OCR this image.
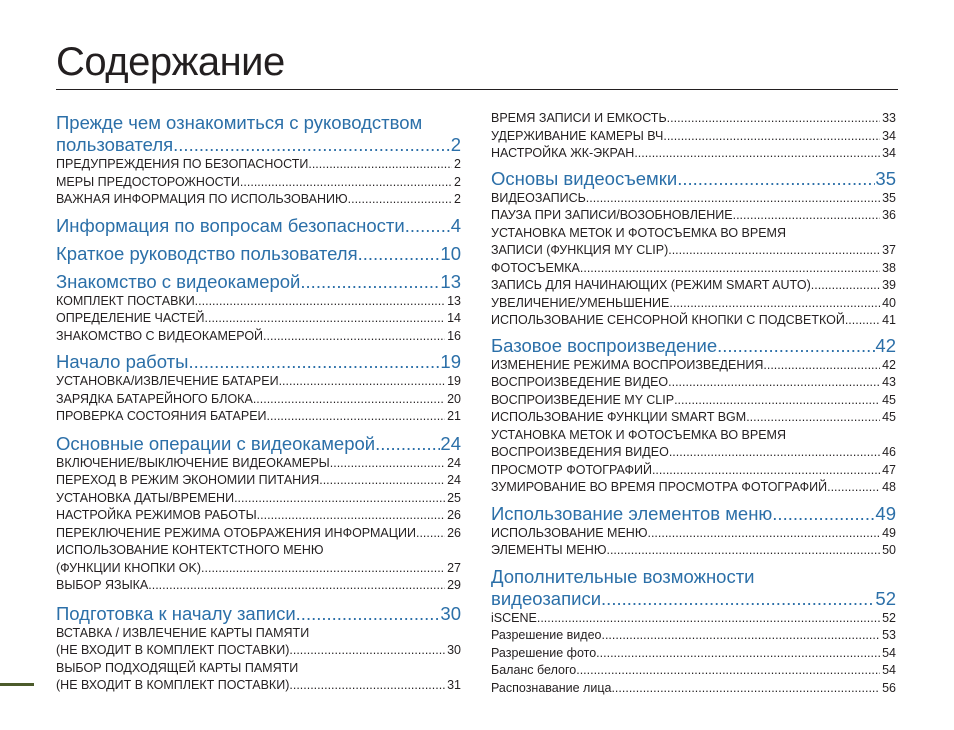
Содержание
Прежде чем ознакомиться с руководством
пользователя .....	2
ПРЕДУПРЕЖДЕНИЯ ПО БЕЗОПАСНОСТИ .....	2
МЕРЫ ПРЕДОСТОРОЖНОСТИ .....	2
ВАЖНАЯ ИНФОРМАЦИЯ ПО ИСПОЛЬЗОВАНИЮ .....	2
Информация по вопросам безопасности ..... 4
Краткое руководство пользователя .....	10
Знакомство с видеокамерой .....	13
КОМПЛЕКТ ПОСТАВКИ .....	13
ОПРЕДЕЛЕНИЕ ЧАСТЕЙ .....	14
ЗНАКОМСТВО С ВИДЕОКАМЕРОЙ .....	16
Начало работы .....	19
УСТАНОВКА/ИЗВЛЕЧЕНИЕ БАТАРЕИ .....	19
ЗАРЯДКА БАТАРЕЙНОГО БЛОКА .....	20
ПРОВЕРКА СОСТОЯНИЯ БАТАРЕИ .....	21
Основные операции с видеокамерой .....	24
ВКЛЮЧЕНИЕ/ВЫКЛЮЧЕНИЕ ВИДЕОКАМЕРЫ .....	24
ПЕРЕХОД В РЕЖИМ ЭКОНОМИИ ПИТАНИЯ .....	24
УСТАНОВКА ДАТЫ/ВРЕМЕНИ .....	25
НАСТРОЙКА РЕЖИМОВ РАБОТЫ .....	26
ПЕРЕКЛЮЧЕНИЕ РЕЖИМА ОТОБРАЖЕНИЯ ИНФОРМАЦИИ ..... 26
ИСПОЛЬЗОВАНИЕ КОНТЕКТСТНОГО МЕНЮ
(ФУНКЦИИ КНОПКИ OK) .....	27
ВЫБОР ЯЗЫКА .....	29
Подготовка к началу записи .....	30
ВСТАВКА / ИЗВЛЕЧЕНИЕ КАРТЫ ПАМЯТИ
(НЕ ВХОДИТ В КОМПЛЕКТ ПОСТАВКИ) .....	30
ВЫБОР ПОДХОДЯЩЕЙ КАРТЫ ПАМЯТИ
(НЕ ВХОДИТ В КОМПЛЕКТ ПОСТАВКИ) .....	31
ВРЕМЯ ЗАПИСИ И ЕМКОСТЬ .....	33
УДЕРЖИВАНИЕ КАМЕРЫ ВЧ .....	34
НАСТРОЙКА ЖК-ЭКРАН .....	34
Основы видеосъемки .....	35
ВИДЕОЗАПИСЬ .....	35
ПАУЗА ПРИ ЗАПИСИ/ВОЗОБНОВЛЕНИЕ .....	36
УСТАНОВКА МЕТОК И ФОТОСЪЕМКА ВО ВРЕМЯ
ЗАПИСИ (ФУНКЦИЯ MY CLIP) .....	37
ФОТОСЪЕМКА .....	38
ЗАПИСЬ ДЛЯ НАЧИНАЮЩИХ (РЕЖИМ SMART AUTO) .....	39
УВЕЛИЧЕНИЕ/УМЕНЬШЕНИЕ .....	40
ИСПОЛЬЗОВАНИЕ СЕНСОРНОЙ КНОПКИ С ПОДСВЕТКОЙ .....	41
Базовое воспроизведение .....	42
ИЗМЕНЕНИЕ РЕЖИМА ВОСПРОИЗВЕДЕНИЯ .....	42
ВОСПРОИЗВЕДЕНИЕ ВИДЕО .....	43
ВОСПРОИЗВЕДЕНИЕ MY CLIP .....	45
ИСПОЛЬЗОВАНИЕ ФУНКЦИИ SMART BGM .....	45
УСТАНОВКА МЕТОК И ФОТОСЪЕМКА ВО ВРЕМЯ
ВОСПРОИЗВЕДЕНИЯ ВИДЕО .....	46
ПРОСМОТР ФОТОГРАФИЙ .....	47
ЗУМИРОВАНИЕ ВО ВРЕМЯ ПРОСМОТРА ФОТОГРАФИЙ .....	48
Использование элементов меню .....	49
ИСПОЛЬЗОВАНИЕ МЕНЮ .....	49
ЭЛЕМЕНТЫ МЕНЮ .....	50
Дополнительные возможности
видеозаписи .....	52
iSCENE .....	52
Разрешение видео .....	53
Разрешение фото .....	54
Баланс белого .....	54
Распознавание лица .....	56
